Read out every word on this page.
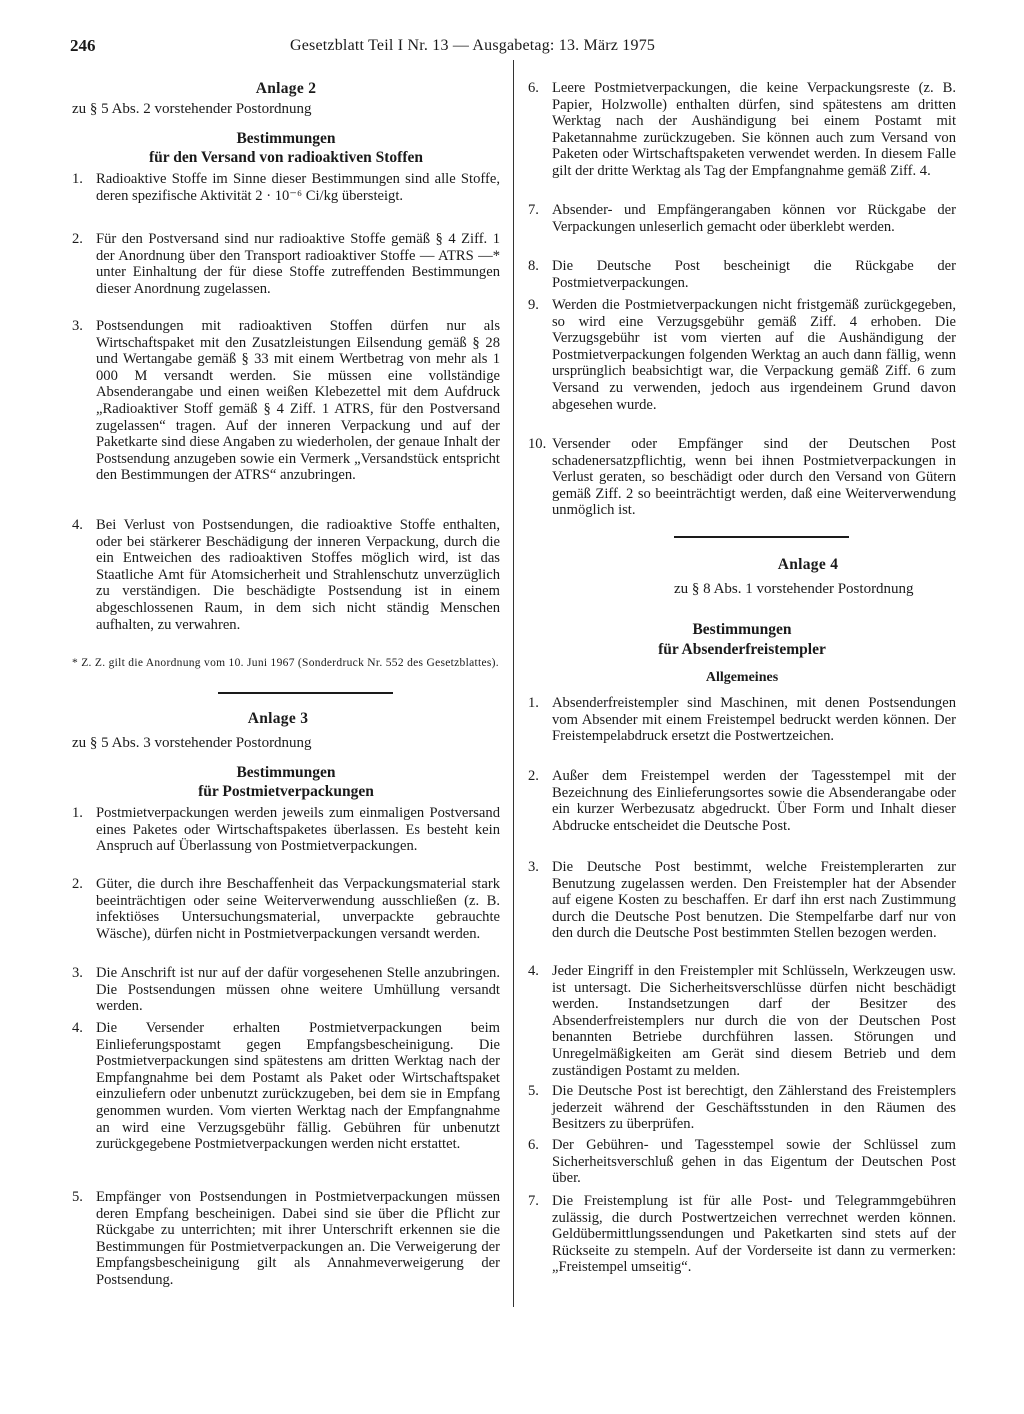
246	Gesetzblatt Teil I Nr. 13 — Ausgabetag: 13. März 1975
Anlage 2
zu § 5 Abs. 2 vorstehender Postordnung
Bestimmungen
für den Versand von radioaktiven Stoffen
1. Radioaktive Stoffe im Sinne dieser Bestimmungen sind alle Stoffe, deren spezifische Aktivität 2 · 10⁻⁶ Ci/kg übersteigt.
2. Für den Postversand sind nur radioaktive Stoffe gemäß § 4 Ziff. 1 der Anordnung über den Transport radioaktiver Stoffe — ATRS —* unter Einhaltung der für diese Stoffe zutreffenden Bestimmungen dieser Anordnung zugelassen.
3. Postsendungen mit radioaktiven Stoffen dürfen nur als Wirtschaftspaket mit den Zusatzleistungen Eilsendung gemäß § 28 und Wertangabe gemäß § 33 mit einem Wertbetrag von mehr als 1 000 M versandt werden. Sie müssen eine vollständige Absenderangabe und einen weißen Klebezettel mit dem Aufdruck „Radioaktiver Stoff gemäß § 4 Ziff. 1 ATRS, für den Postversand zugelassen“ tragen. Auf der inneren Verpackung und auf der Paketkarte sind diese Angaben zu wiederholen, der genaue Inhalt der Postsendung anzugeben sowie ein Vermerk „Versandstück entspricht den Bestimmungen der ATRS“ anzubringen.
4. Bei Verlust von Postsendungen, die radioaktive Stoffe enthalten, oder bei stärkerer Beschädigung der inneren Verpackung, durch die ein Entweichen des radioaktiven Stoffes möglich wird, ist das Staatliche Amt für Atomsicherheit und Strahlenschutz unverzüglich zu verständigen. Die beschädigte Postsendung ist in einem abgeschlossenen Raum, in dem sich nicht ständig Menschen aufhalten, zu verwahren.
* Z. Z. gilt die Anordnung vom 10. Juni 1967 (Sonderdruck Nr. 552 des Gesetzblattes).
Anlage 3
zu § 5 Abs. 3 vorstehender Postordnung
Bestimmungen
für Postmietverpackungen
1. Postmietverpackungen werden jeweils zum einmaligen Postversand eines Paketes oder Wirtschaftspaketes überlassen. Es besteht kein Anspruch auf Überlassung von Postmietverpackungen.
2. Güter, die durch ihre Beschaffenheit das Verpackungsmaterial stark beeinträchtigen oder seine Weiterverwendung ausschließen (z. B. infektiöses Untersuchungsmaterial, unverpackte gebrauchte Wäsche), dürfen nicht in Postmietverpackungen versandt werden.
3. Die Anschrift ist nur auf der dafür vorgesehenen Stelle anzubringen. Die Postsendungen müssen ohne weitere Umhüllung versandt werden.
4. Die Versender erhalten Postmietverpackungen beim Einlieferungspostamt gegen Empfangsbescheinigung. Die Postmietverpackungen sind spätestens am dritten Werktag nach der Empfangnahme bei dem Postamt als Paket oder Wirtschaftspaket einzuliefern oder unbenutzt zurückzugeben, bei dem sie in Empfang genommen wurden. Vom vierten Werktag nach der Empfangnahme an wird eine Verzugsgebühr fällig. Gebühren für unbenutzt zurückgegebene Postmietverpackungen werden nicht erstattet.
5. Empfänger von Postsendungen in Postmietverpackungen müssen deren Empfang bescheinigen. Dabei sind sie über die Pflicht zur Rückgabe zu unterrichten; mit ihrer Unterschrift erkennen sie die Bestimmungen für Postmietverpackungen an. Die Verweigerung der Empfangsbescheinigung gilt als Annahmeverweigerung der Postsendung.
6. Leere Postmietverpackungen, die keine Verpackungsreste (z. B. Papier, Holzwolle) enthalten dürfen, sind spätestens am dritten Werktag nach der Aushändigung bei einem Postamt mit Paketannahme zurückzugeben. Sie können auch zum Versand von Paketen oder Wirtschaftspaketen verwendet werden. In diesem Falle gilt der dritte Werktag als Tag der Empfangnahme gemäß Ziff. 4.
7. Absender- und Empfängerangaben können vor Rückgabe der Verpackungen unleserlich gemacht oder überklebt werden.
8. Die Deutsche Post bescheinigt die Rückgabe der Postmietverpackungen.
9. Werden die Postmietverpackungen nicht fristgemäß zurückgegeben, so wird eine Verzugsgebühr gemäß Ziff. 4 erhoben. Die Verzugsgebühr ist vom vierten auf die Aushändigung der Postmietverpackungen folgenden Werktag an auch dann fällig, wenn ursprünglich beabsichtigt war, die Verpackung gemäß Ziff. 6 zum Versand zu verwenden, jedoch aus irgendeinem Grund davon abgesehen wurde.
10. Versender oder Empfänger sind der Deutschen Post schadenersatzpflichtig, wenn bei ihnen Postmietverpackungen in Verlust geraten, so beschädigt oder durch den Versand von Gütern gemäß Ziff. 2 so beeinträchtigt werden, daß eine Weiterverwendung unmöglich ist.
Anlage 4
zu § 8 Abs. 1 vorstehender Postordnung
Bestimmungen
für Absenderfreistempler
Allgemeines
1. Absenderfreistempler sind Maschinen, mit denen Postsendungen vom Absender mit einem Freistempel bedruckt werden können. Der Freistempelabdruck ersetzt die Postwertzeichen.
2. Außer dem Freistempel werden der Tagesstempel mit der Bezeichnung des Einlieferungsortes sowie die Absenderangabe oder ein kurzer Werbezusatz abgedruckt. Über Form und Inhalt dieser Abdrucke entscheidet die Deutsche Post.
3. Die Deutsche Post bestimmt, welche Freistemplerarten zur Benutzung zugelassen werden. Den Freistempler hat der Absender auf eigene Kosten zu beschaffen. Er darf ihn erst nach Zustimmung durch die Deutsche Post benutzen. Die Stempelfarbe darf nur von den durch die Deutsche Post bestimmten Stellen bezogen werden.
4. Jeder Eingriff in den Freistempler mit Schlüsseln, Werkzeugen usw. ist untersagt. Die Sicherheitsverschlüsse dürfen nicht beschädigt werden. Instandsetzungen darf der Besitzer des Absenderfreistemplers nur durch die von der Deutschen Post benannten Betriebe durchführen lassen. Störungen und Unregelmäßigkeiten am Gerät sind diesem Betrieb und dem zuständigen Postamt zu melden.
5. Die Deutsche Post ist berechtigt, den Zählerstand des Freistemplers jederzeit während der Geschäftsstunden in den Räumen des Besitzers zu überprüfen.
6. Der Gebühren- und Tagesstempel sowie der Schlüssel zum Sicherheitsverschluß gehen in das Eigentum der Deutschen Post über.
7. Die Freistemplung ist für alle Post- und Telegrammgebühren zulässig, die durch Postwertzeichen verrechnet werden können. Geldübermittlungssendungen und Paketkarten sind stets auf der Rückseite zu stempeln. Auf der Vorderseite ist dann zu vermerken: „Freistempel umseitig“.
